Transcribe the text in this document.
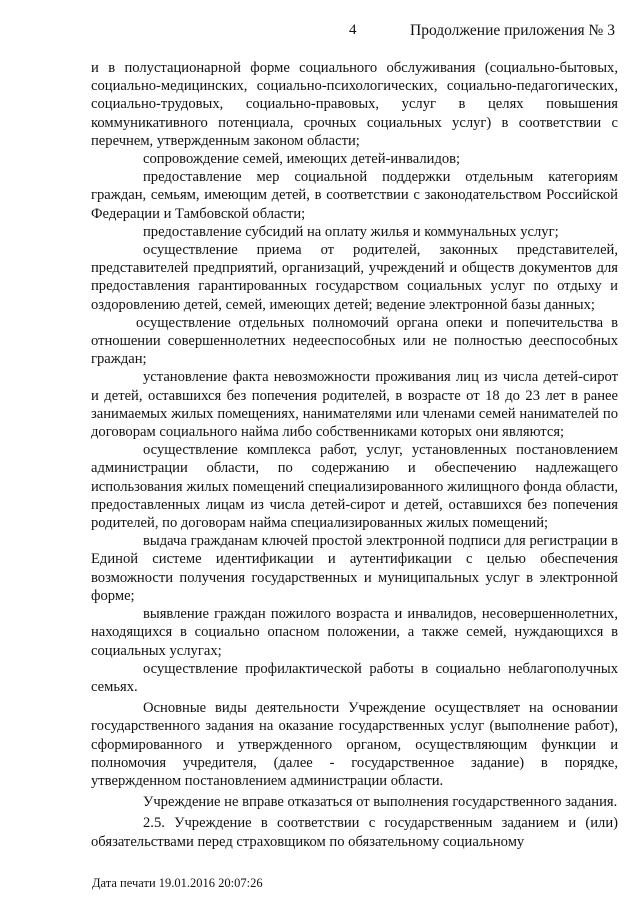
4	Продолжение приложения № 3

и в полустационарной форме социального обслуживания (социально-бытовых, социально-медицинских, социально-психологических, социально-педагогических, социально-трудовых, социально-правовых, услуг в целях повышения коммуникативного потенциала, срочных социальных услуг) в соответствии с перечнем, утвержденным законом области;

сопровождение семей, имеющих детей-инвалидов;

предоставление мер социальной поддержки отдельным категориям граждан, семьям, имеющим детей, в соответствии с законодательством Российской Федерации и Тамбовской области;

предоставление субсидий на оплату жилья и коммунальных услуг;

осуществление приема от родителей, законных представителей, представителей предприятий, организаций, учреждений и обществ документов для предоставления гарантированных государством социальных услуг по отдыху и оздоровлению детей, семей, имеющих детей; ведение электронной базы данных;

осуществление отдельных полномочий органа опеки и попечительства в отношении совершеннолетних недееспособных или не полностью дееспособных граждан;

установление факта невозможности проживания лиц из числа детей-сирот и детей, оставшихся без попечения родителей, в возрасте от 18 до 23 лет в ранее занимаемых жилых помещениях, нанимателями или членами семей нанимателей по договорам социального найма либо собственниками которых они являются;

осуществление комплекса работ, услуг, установленных постановлением администрации области, по содержанию и обеспечению надлежащего использования жилых помещений специализированного жилищного фонда области, предоставленных лицам из числа детей-сирот и детей, оставшихся без попечения родителей, по договорам найма специализированных жилых помещений;

выдача гражданам ключей простой электронной подписи для регистрации в Единой системе идентификации и аутентификации с целью обеспечения возможности получения государственных и муниципальных услуг в электронной форме;

выявление граждан пожилого возраста и инвалидов, несовершеннолетних, находящихся в социально опасном положении, а также семей, нуждающихся в социальных услугах;

осуществление профилактической работы в социально неблагополучных семьях.

Основные виды деятельности Учреждение осуществляет на основании государственного задания на оказание государственных услуг (выполнение работ), сформированного и утвержденного органом, осуществляющим функции и полномочия учредителя, (далее - государственное задание) в порядке, утвержденном постановлением администрации области.

Учреждение не вправе отказаться от выполнения государственного задания.

2.5. Учреждение в соответствии с государственным заданием и (или) обязательствами перед страховщиком по обязательному социальному

Дата печати 19.01.2016 20:07:26
